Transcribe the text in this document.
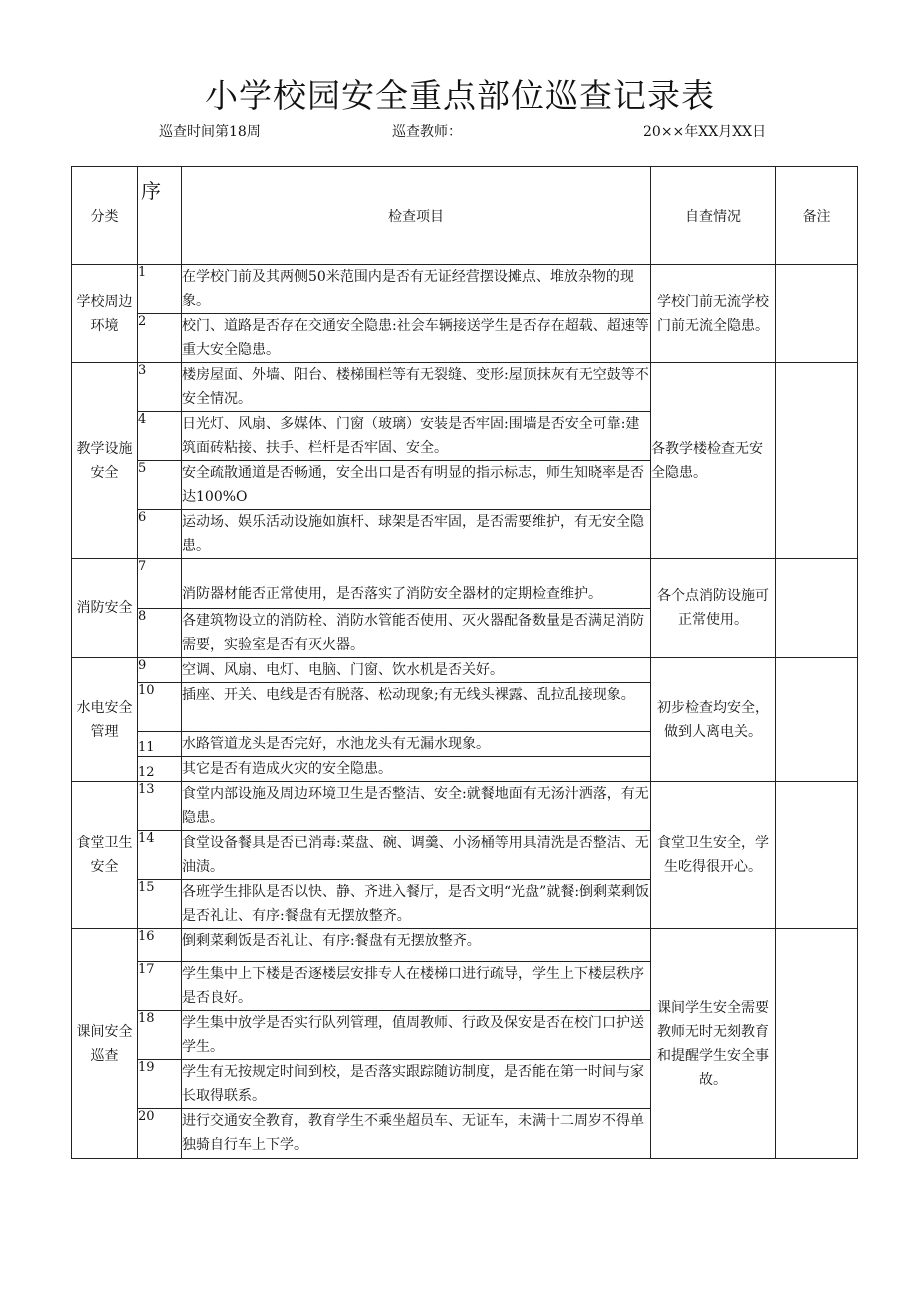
小学校园安全重点部位巡查记录表
巡查时间第18周	巡查教师：	20××年XX月XX日
分类	序	检查项目	自查情况	备注
学校周边环境	1	在学校门前及其两侧50米范围内是否有无证经营摆设摊点、堆放杂物的现象。	学校门前无流学校门前无流全隐患。	
	2	校门、道路是否存在交通安全隐患:社会车辆接送学生是否存在超载、超速等重大安全隐患。		
教学设施安全	3	楼房屋面、外墙、阳台、楼梯围栏等有无裂缝、变形:屋顶抹灰有无空鼓等不安全情况。	各教学楼检查无安全隐患。	
	4	日光灯、风扇、多媒体、门窗（玻璃）安装是否牢固:围墙是否安全可靠:建筑面砖粘接、扶手、栏杆是否牢固、安全。		
	5	安全疏散通道是否畅通，安全出口是否有明显的指示标志，师生知晓率是否达100%O		
	6	运动场、娱乐活动设施如旗杆、球架是否牢固，是否需要维护，有无安全隐患。		
消防安全	7	消防器材能否正常使用，是否落实了消防安全器材的定期检查维护。	各个点消防设施可正常使用。	
	8	各建筑物设立的消防栓、消防水管能否使用、灭火器配备数量是否满足消防需要，实验室是否有灭火器。		
水电安全管理	9	空调、风扇、电灯、电脑、门窗、饮水机是否关好。	初步检查均安全，做到人离电关。	
	10	插座、开关、电线是否有脱落、松动现象;有无线头裸露、乱拉乱接现象。		
	11	水路管道龙头是否完好，水池龙头有无漏水现象。		
	12	其它是否有造成火灾的安全隐患。		
食堂卫生安全	13	食堂内部设施及周边环境卫生是否整洁、安全:就餐地面有无汤汁洒落，有无隐患。	食堂卫生安全，学生吃得很开心。	
	14	食堂设备餐具是否已消毒:菜盘、碗、调羹、小汤桶等用具清洗是否整洁、无油渍。		
	15	各班学生排队是否以快、静、齐进入餐厅，是否文明“光盘”就餐:倒剩菜剩饭是否礼让、有序:餐盘有无摆放整齐。		
课间安全巡查	16	倒剩菜剩饭是否礼让、有序:餐盘有无摆放整齐。	课间学生安全需要教师无时无刻教育和提醒学生安全事故。	
	17	学生集中上下楼是否逐楼层安排专人在楼梯口进行疏导，学生上下楼层秩序是否良好。		
	18	学生集中放学是否实行队列管理，值周教师、行政及保安是否在校门口护送学生。		
	19	学生有无按规定时间到校，是否落实跟踪随访制度，是否能在第一时间与家长取得联系。		
	20	进行交通安全教育，教育学生不乘坐超员车、无证车，未满十二周岁不得单独骑自行车上下学。		
